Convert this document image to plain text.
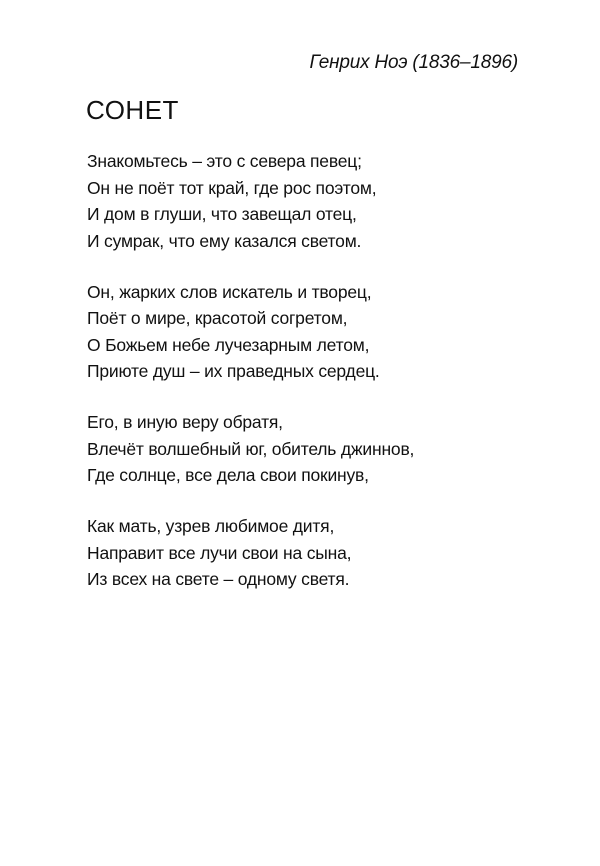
Генрих Ноэ (1836–1896)
СОНЕТ
Знакомьтесь – это с севера певец;
Он не поёт тот край, где рос поэтом,
И дом в глуши, что завещал отец,
И сумрак, что ему казался светом.
Он, жарких слов искатель и творец,
Поёт о мире, красотой согретом,
О Божьем небе лучезарным летом,
Приюте душ – их праведных сердец.
Его, в иную веру обратя,
Влечёт волшебный юг, обитель джиннов,
Где солнце, все дела свои покинув,
Как мать, узрев любимое дитя,
Направит все лучи свои на сына,
Из всех на свете – одному светя.
